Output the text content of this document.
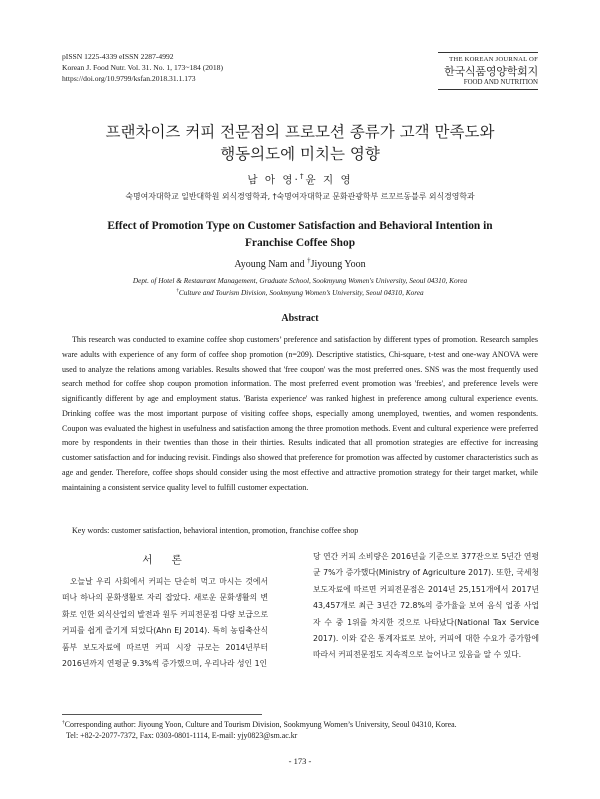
pISSN 1225-4339 eISSN 2287-4992
Korean J. Food Nutr. Vol. 31. No. 1, 173~184 (2018)
https://doi.org/10.9799/ksfan.2018.31.1.173
THE KOREAN JOURNAL OF
한국식품영양학회지
FOOD AND NUTRITION
프랜차이즈 커피 전문점의 프로모션 종류가 고객 만족도와
행동의도에 미치는 영향
남 아 영·†윤 지 영
숙명여자대학교 일반대학원 외식경영학과, †숙명여자대학교 문화관광학부 르꼬르동블루 외식경영학과
Effect of Promotion Type on Customer Satisfaction and Behavioral Intention in
Franchise Coffee Shop
Ayoung Nam and †Jiyoung Yoon
Dept. of Hotel & Restaurant Management, Graduate School, Sookmyung Women's University, Seoul 04310, Korea
†Culture and Tourism Division, Sookmyung Women’s University, Seoul 04310, Korea
Abstract
This research was conducted to examine coffee shop customers’ preference and satisfaction by different types of promotion. Research samples ware adults with experience of any form of coffee shop promotion (n=209). Descriptive statistics, Chi-square, t-test and one-way ANOVA were used to analyze the relations among variables. Results showed that 'free coupon' was the most preferred ones. SNS was the most frequently used search method for coffee shop coupon promotion information. The most preferred event promotion was 'freebies', and preference levels were significantly different by age and employment status. 'Barista experience' was ranked highest in preference among cultural experience events. Drinking coffee was the most important purpose of visiting coffee shops, especially among unemployed, twenties, and women respondents. Coupon was evaluated the highest in usefulness and satisfaction among the three promotion methods. Event and cultural experience were preferred more by respondents in their twenties than those in their thirties. Results indicated that all promotion strategies are effective for increasing customer satisfaction and for inducing revisit. Findings also showed that preference for promotion was affected by customer characteristics such as age and gender. Therefore, coffee shops should consider using the most effective and attractive promotion strategy for their target market, while maintaining a consistent service quality level to fulfill customer expectation.
Key words: customer satisfaction, behavioral intention, promotion, franchise coffee shop
서 론
오늘날 우리 사회에서 커피는 단순히 먹고 마시는 것에서 떠나 하나의 문화생활로 자리 잡았다. 새로운 문화생활의 변화로 인한 외식산업의 발전과 원두 커피전문점 다량 보급으로 커피를 쉽게 즐기게 되었다(Ahn EJ 2014). 특히 농림축산식품부 보도자료에 따르면 커피 시장 규모는 2014년부터 2016년까지 연평균 9.3%씩 증가했으며, 우리나라 성인 1인
당 연간 커피 소비량은 2016년을 기준으로 377잔으로 5년간 연평균 7%가 증가했다(Ministry of Agriculture 2017). 또한, 국세청 보도자료에 따르면 커피전문점은 2014년 25,151개에서 2017년 43,457개로 최근 3년간 72.8%의 증가율을 보여 음식 업종 사업자 수 중 1위를 차지한 것으로 나타났다(National Tax Service 2017). 이와 같은 통계자료로 보아, 커피에 대한 수요가 증가함에 따라서 커피전문점도 지속적으로 늘어나고 있음을 알 수 있다.
†Corresponding author: Jiyoung Yoon, Culture and Tourism Division, Sookmyung Women’s University, Seoul 04310, Korea.
Tel: +82-2-2077-7372, Fax: 0303-0801-1114, E-mail: yjy0823@sm.ac.kr
- 173 -
